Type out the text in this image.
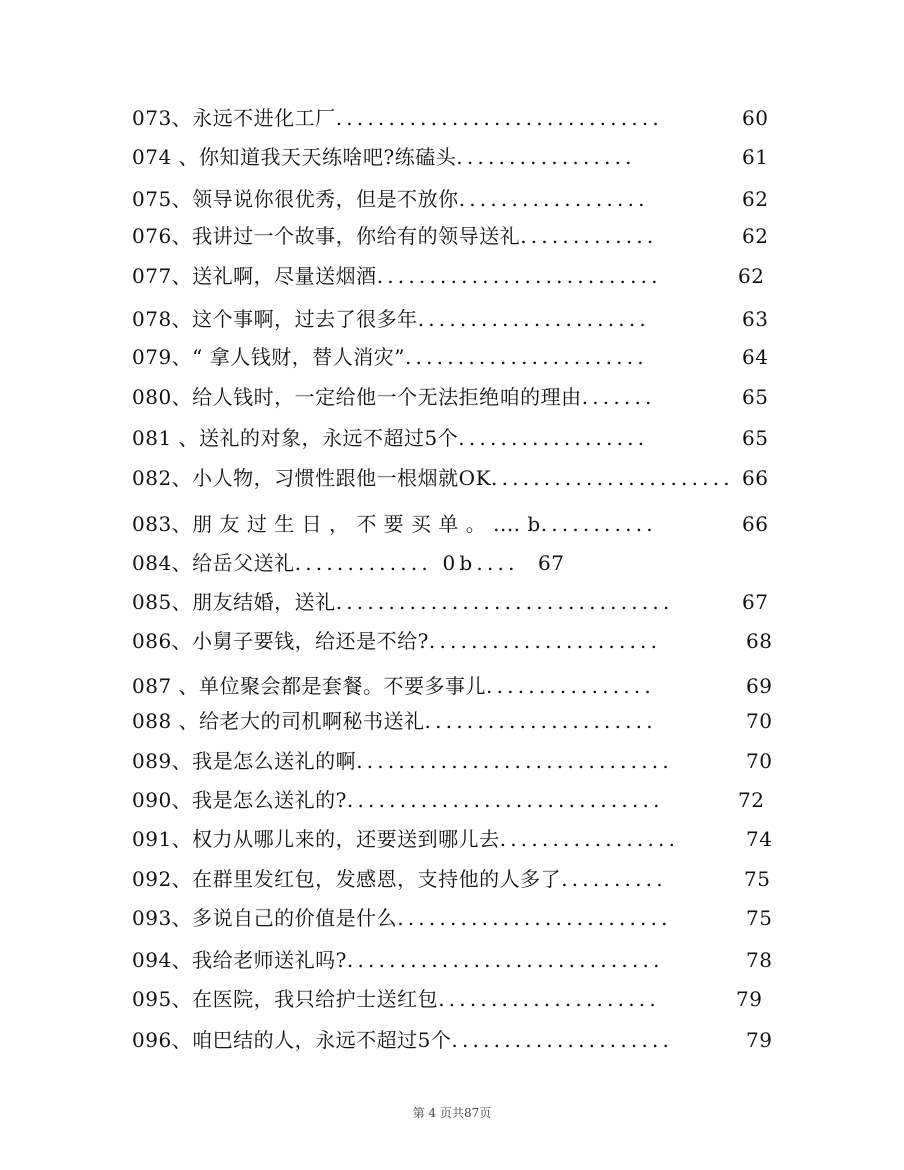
073、永远不进化工厂...............................	60
074 、你知道我天天练啥吧?练磕头.................	61
075、领导说你很优秀，但是不放你..................	62
076、我讲过一个故事，你给有的领导送礼.............	62
077、送礼啊，尽量送烟酒...........................	62
078、这个事啊，过去了很多年......................	63
079、“ 拿人钱财，替人消灾”.......................	64
080、给人钱时，一定给他一个无法拒绝咱的理由.......	65
081 、送礼的对象，永远不超过5个..................	65
082、小人物，习惯性跟他一根烟就OK....................... 66
083、朋 友 过 生 日 ， 不 要 买 单 。 .... b...........	66
084、给岳父送礼............. 0b.... 67
085、朋友结婚，送礼................................	67
086、小舅子要钱，给还是不给?......................	68
087 、单位聚会都是套餐。不要多事儿................	69
088 、给老大的司机啊秘书送礼......................	70
089、我是怎么送礼的啊..............................	70
090、我是怎么送礼的?..............................	72
091、权力从哪儿来的，还要送到哪儿去.................	74
092、在群里发红包，发感恩，支持他的人多了..........	75
093、多说自己的价值是什么..........................	75
094、我给老师送礼吗?..............................	78
095、在医院，我只给护士送红包.....................	79
096、咱巴结的人，永远不超过5个.....................	79
第 4 页共87页
